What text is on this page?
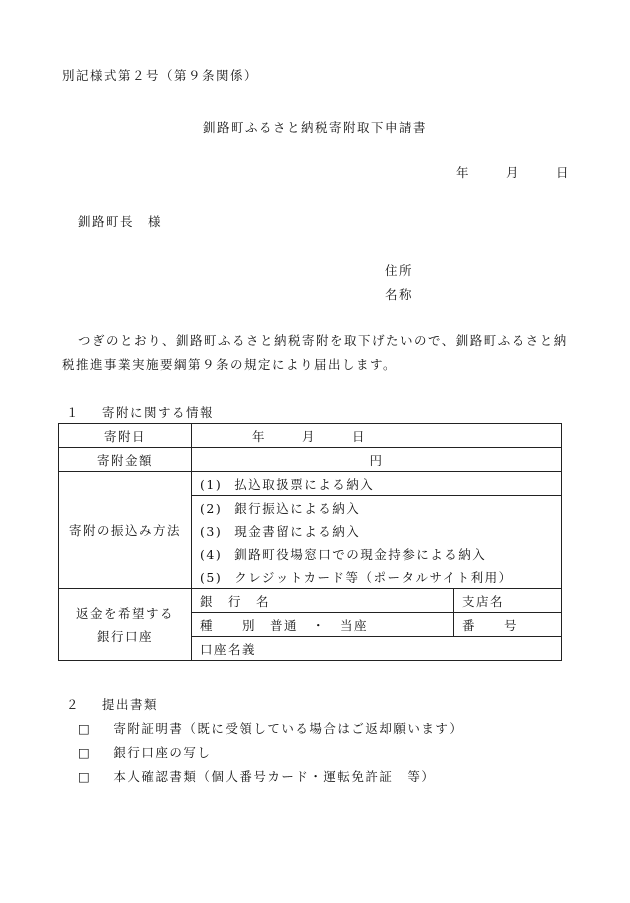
別記様式第２号（第９条関係）
釧路町ふるさと納税寄附取下申請書
年	月	日
釧路町長　様
住所
名称
つぎのとおり、釧路町ふるさと納税寄附を取下げたいので、釧路町ふるさと納
税推進事業実施要綱第９条の規定により届出します。
１ 寄附に関する情報
寄附日	年 月 日	
寄附金額	円	
寄附の振込み方法	(1) 払込取扱票による納入	
	(2) 銀行振込による納入	
	(3) 現金書留による納入	
	(4) 釧路町役場窓口での現金持参による納入	
	(5) クレジットカード等（ポータルサイト利用）	

返金を希望する
銀行口座	銀　行　名	支店名
	種　　別 普通　・　当座	番　　号
	口座名義	
２ 提出書類
□ 寄附証明書（既に受領している場合はご返却願います）
□ 銀行口座の写し
□ 本人確認書類（個人番号カード・運転免許証　等）
